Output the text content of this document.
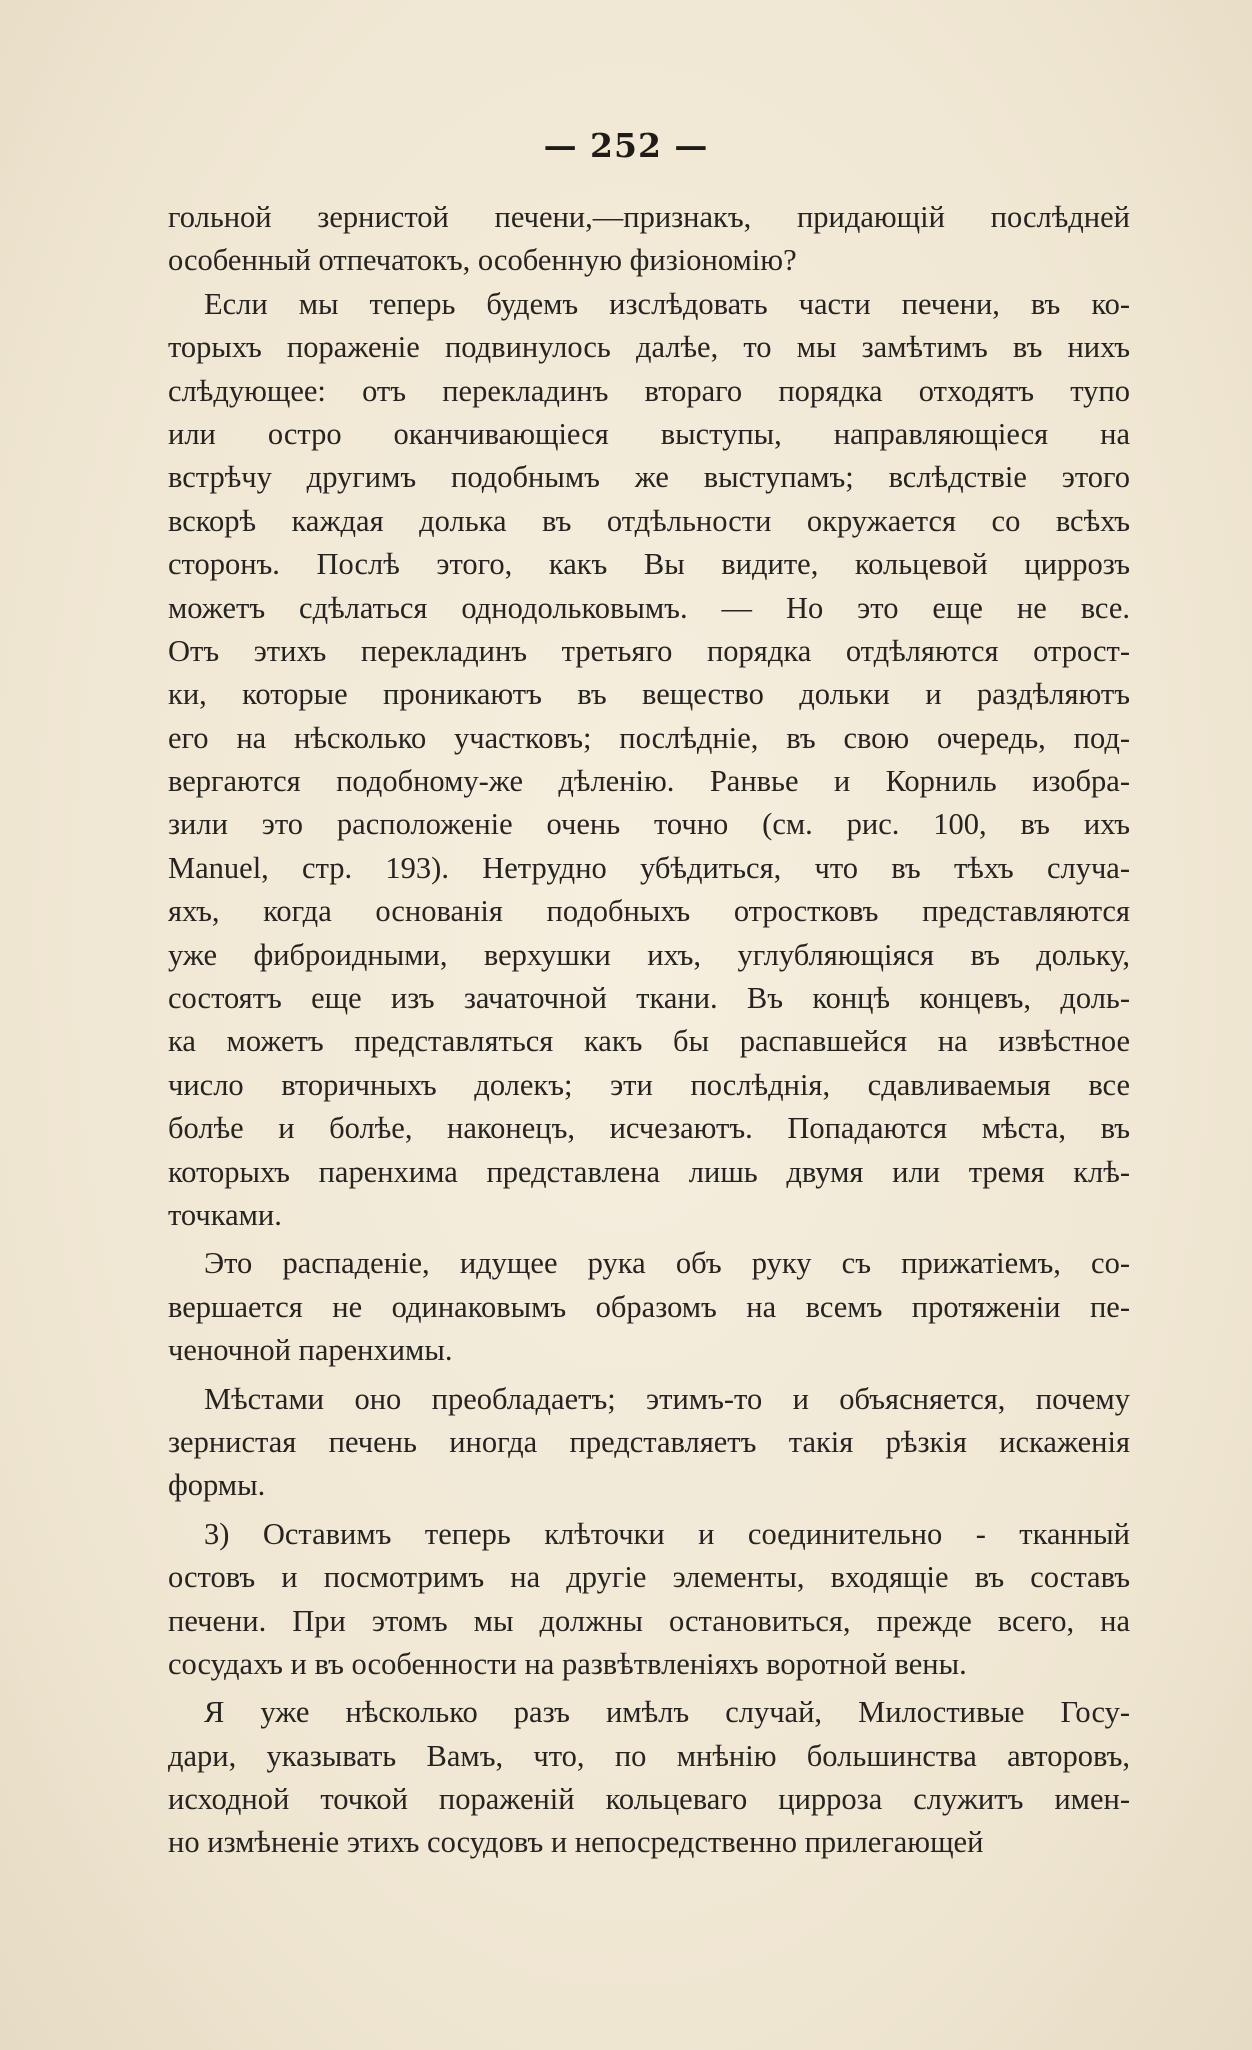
— 252 —
гольной зернистой печени,—признакъ, придающій послѣдней
особенный отпечатокъ, особенную физіономію?
Если мы теперь будемъ изслѣдовать части печени, въ ко-
торыхъ пораженіе подвинулось далѣе, то мы замѣтимъ въ нихъ
слѣдующее: отъ перекладинъ втораго порядка отходятъ тупо
или остро оканчивающіеся выступы, направляющіеся на
встрѣчу другимъ подобнымъ же выступамъ; вслѣдствіе этого
вскорѣ каждая долька въ отдѣльности окружается со всѣхъ
сторонъ. Послѣ этого, какъ Вы видите, кольцевой циррозъ
можетъ сдѣлаться однодольковымъ. — Но это еще не все.
Отъ этихъ перекладинъ третьяго порядка отдѣляются отрост-
ки, которые проникаютъ въ вещество дольки и раздѣляютъ
его на нѣсколько участковъ; послѣдніе, въ свою очередь, под-
вергаются подобному-же дѣленію. Ранвье и Корниль изобра-
зили это расположеніе очень точно (см. рис. 100, въ ихъ
Manuel, стр. 193). Нетрудно убѣдиться, что въ тѣхъ случа-
яхъ, когда основанія подобныхъ отростковъ представляются
уже фиброидными, верхушки ихъ, углубляющіяся въ дольку,
состоятъ еще изъ зачаточной ткани. Въ концѣ концевъ, доль-
ка можетъ представляться какъ бы распавшейся на извѣстное
число вторичныхъ долекъ; эти послѣднія, сдавливаемыя все
болѣе и болѣе, наконецъ, исчезаютъ. Попадаются мѣста, въ
которыхъ паренхима представлена лишь двумя или тремя клѣ-
точками.
Это распаденіе, идущее рука объ руку съ прижатіемъ, со-
вершается не одинаковымъ образомъ на всемъ протяженіи пе-
ченочной паренхимы.
Мѣстами оно преобладаетъ; этимъ-то и объясняется, почему
зернистая печень иногда представляетъ такія рѣзкія искаженія
формы.
3) Оставимъ теперь клѣточки и соединительно - тканный
остовъ и посмотримъ на другіе элементы, входящіе въ составъ
печени. При этомъ мы должны остановиться, прежде всего, на
сосудахъ и въ особенности на развѣтвленіяхъ воротной вены.
Я уже нѣсколько разъ имѣлъ случай, Милостивые Госу-
дари, указывать Вамъ, что, по мнѣнію большинства авторовъ,
исходной точкой пораженій кольцеваго цирроза служитъ имен-
но измѣненіе этихъ сосудовъ и непосредственно прилегающей
